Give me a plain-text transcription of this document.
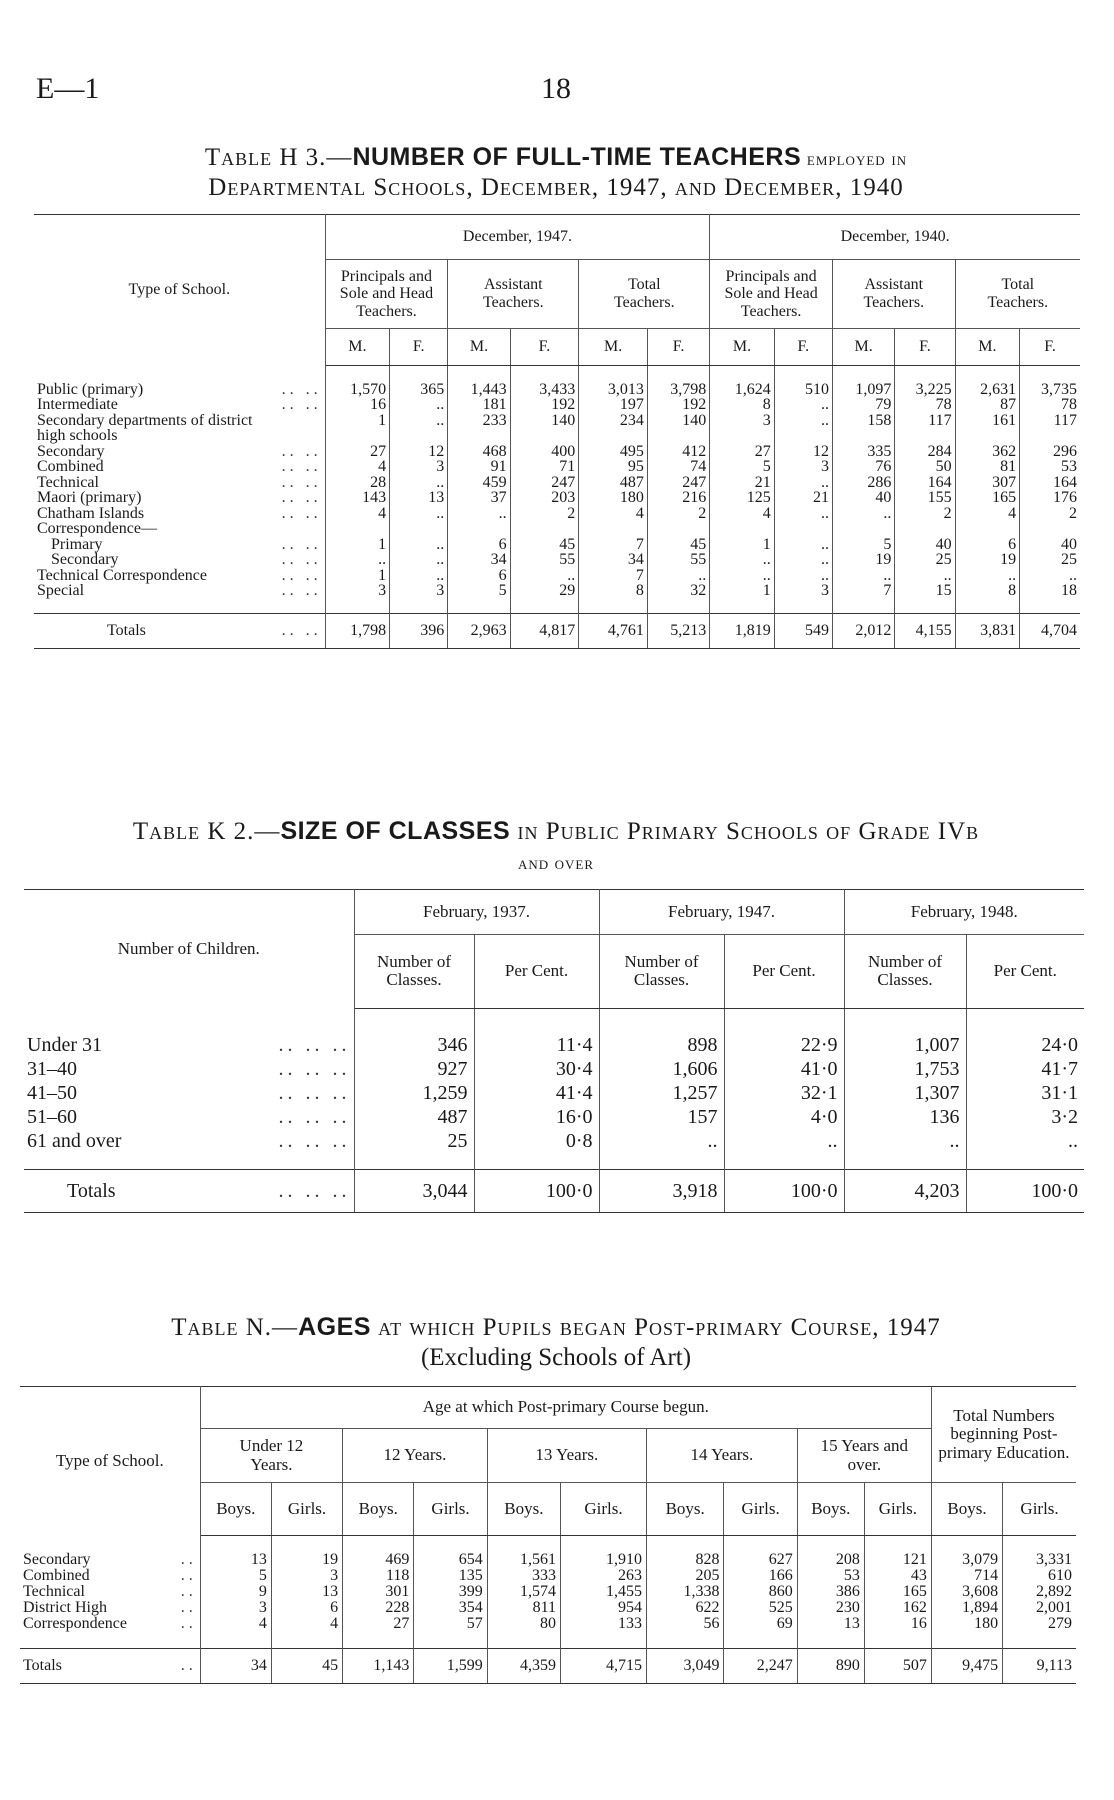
E—1	18
Table H 3.—NUMBER OF FULL-TIME TEACHERS employed in
Departmental Schools, December, 1947, and December, 1940
Type of School.	December, 1947.						December, 1940.					
	Principals and Sole and Head Teachers.		Assistant Teachers.		Total Teachers.		Principals and Sole and Head Teachers.		Assistant Teachers.		Total Teachers.	
	M.	F.	M.	F.	M.	F.	M.	F.	M.	F.	M.	F.

Public (primary) .. ..	1,570	365	1,443	3,433	3,013	3,798	1,624	510	1,097	3,225	2,631	3,735
Intermediate .. ..	16	..	181	192	197	192	8	..	79	78	87	78
Secondary departments of district	1	..	233	140	234	140	3	..	158	117	161	117
high schools												
Secondary .. ..	27	12	468	400	495	412	27	12	335	284	362	296
Combined .. ..	4	3	91	71	95	74	5	3	76	50	81	53
Technical .. ..	28	..	459	247	487	247	21	..	286	164	307	164
Maori (primary) .. ..	143	13	37	203	180	216	125	21	40	155	165	176
Chatham Islands .. ..	4	..	..	2	4	2	4	..	..	2	4	2
Correspondence—												
Primary .. ..	1	..	6	45	7	45	1	..	5	40	6	40
Secondary .. ..	..	..	34	55	34	55	..	..	19	25	19	25
Technical Correspondence .. ..	1	..	6	..	7	..	..	..	..	..	..	..
Special .. ..	3	3	5	29	8	32	1	3	7	15	8	18

Totals .. ..	1,798	396	2,963	4,817	4,761	5,213	1,819	549	2,012	4,155	3,831	4,704
Table K 2.—SIZE OF CLASSES in Public Primary Schools of Grade IVb
and over
Number of Children.	February, 1937.		February, 1947.		February, 1948.	
	Number of Classes.	Per Cent.	Number of Classes.	Per Cent.	Number of Classes.	Per Cent.

Under 31 .. .. ..	346	11·4	898	22·9	1,007	24·0
31–40 .. .. ..	927	30·4	1,606	41·0	1,753	41·7
41–50 .. .. ..	1,259	41·4	1,257	32·1	1,307	31·1
51–60 .. .. ..	487	16·0	157	4·0	136	3·2
61 and over .. .. ..	25	0·8	..	..	..	..

Totals .. .. ..	3,044	100·0	3,918	100·0	4,203	100·0
Table N.—AGES at which Pupils began Post-primary Course, 1947
(Excluding Schools of Art)
Type of School.	Age at which Post-primary Course begun.										Total Numbers beginning Post-primary Education.	
	Under 12 Years.		12 Years.		13 Years.		14 Years.		15 Years and over.			
	Boys.	Girls.	Boys.	Girls.	Boys.	Girls.	Boys.	Girls.	Boys.	Girls.	Boys.	Girls.

Secondary ..	13	19	469	654	1,561	1,910	828	627	208	121	3,079	3,331
Combined ..	5	3	118	135	333	263	205	166	53	43	714	610
Technical ..	9	13	301	399	1,574	1,455	1,338	860	386	165	3,608	2,892
District High ..	3	6	228	354	811	954	622	525	230	162	1,894	2,001
Correspondence ..	4	4	27	57	80	133	56	69	13	16	180	279

Totals ..	34	45	1,143	1,599	4,359	4,715	3,049	2,247	890	507	9,475	9,113
